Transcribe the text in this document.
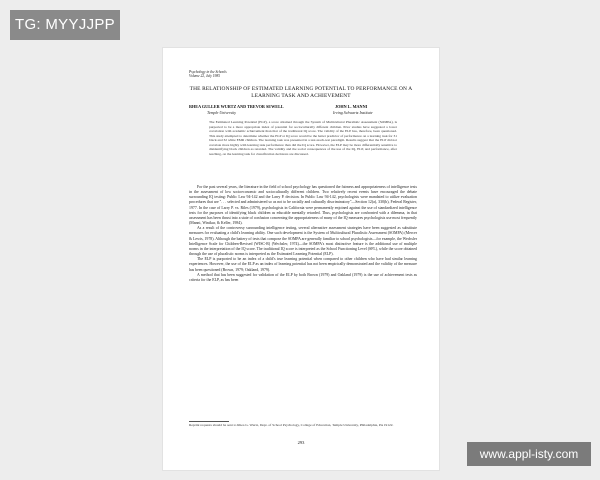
TG: MYYJJPP
Psychology in the Schools
Volume 22, July 1985
THE RELATIONSHIP OF ESTIMATED LEARNING POTENTIAL TO PERFORMANCE ON A LEARNING TASK AND ACHIEVEMENT
RHEA GULLER WURTZ AND TREVOR SEWELL
Temple University
JOHN L. MANNI
Irving Schwartz Institute

The Estimated Learning Potential (ELP), a score obtained through the System of Multicultural Pluralistic Assessment (SOMPA), is purported to be a more appropriate index of potential for socioculturally different children. Prior studies have suggested a lower correlation with academic achievement than that of the traditional IQ score. The validity of the ELP has, therefore, been questioned. This study attempted to determine whether the ELP or IQ score would be the better predictor of performance on a learning task for 31 black and 32 white EMR children. The learning task was presented in a test-teach-test paradigm. Results suggest that the ELP did not correlate more highly with learning task performance than did the IQ score. However, the ELP may be more differentially sensitive to disidentifying black children as retarded. The validity and the social consequences of the use of the IQ, ELP, and performance, after teaching, on the learning task for classification decisions are discussed.

For the past several years, the literature in the field of school psychology has questioned the fairness and appropriateness of intelligence tests in the assessment of low socioeconomic and socioculturally different children. Two relatively recent events have encouraged the debate surrounding IQ testing: Public Law 94-142 and the Larry P. decision. In Public Law 94-142, psychologists were mandated to utilize evaluation procedures that are ". . . selected and administered so as not to be racially and culturally discriminatory"—Section 12(a), 330(b), Federal Register, 1977. In the case of Larry P. vs. Riles (1979), psychologists in California were permanently enjoined against the use of standardized intelligence tests for the purposes of identifying black children as educable mentally retarded. Thus, psychologists are confronted with a dilemma, in that assessment has been thrust into a state of confusion concerning the appropriateness of many of the IQ measures psychologists use most frequently (Manni, Winikur, & Keller, 1984).

As a result of the controversy surrounding intelligence testing, several alternative assessment strategies have been suggested as substitute measures for evaluating a child's learning ability. One such development is the System of Multicultural Pluralistic Assessment (SOMPA) (Mercer & Lewis, 1978). Although the battery of tests that compose the SOMPA are generally familiar to school psychologists—for example, the Wechsler Intelligence Scale for Children-Revised (WISC-R) (Wechsler, 1974)—the SOMPA's most distinctive feature is the additional use of multiple norms in the interpretation of the IQ score. The traditional IQ score is interpreted as the School Functioning Level (SFL), while the score obtained through the use of pluralistic norms is interpreted as the Estimated Learning Potential (ELP).

The ELP is purported to be an index of a child's true learning potential when compared to other children who have had similar learning experiences. However, the use of the ELP as an index of learning potential has not been empirically demonstrated and the validity of the measure has been questioned (Brown, 1979; Oakland, 1979).

A method that has been suggested for validation of the ELP by both Brown (1979) and Oakland (1979) is the use of achievement tests as criteria for the ELP, as has been

Reprint requests should be sent to Rhea G. Wurtz, Dept. of School Psychology, College of Education, Temple University, Philadelphia, PA 19122.

293
www.appl-isty.com
